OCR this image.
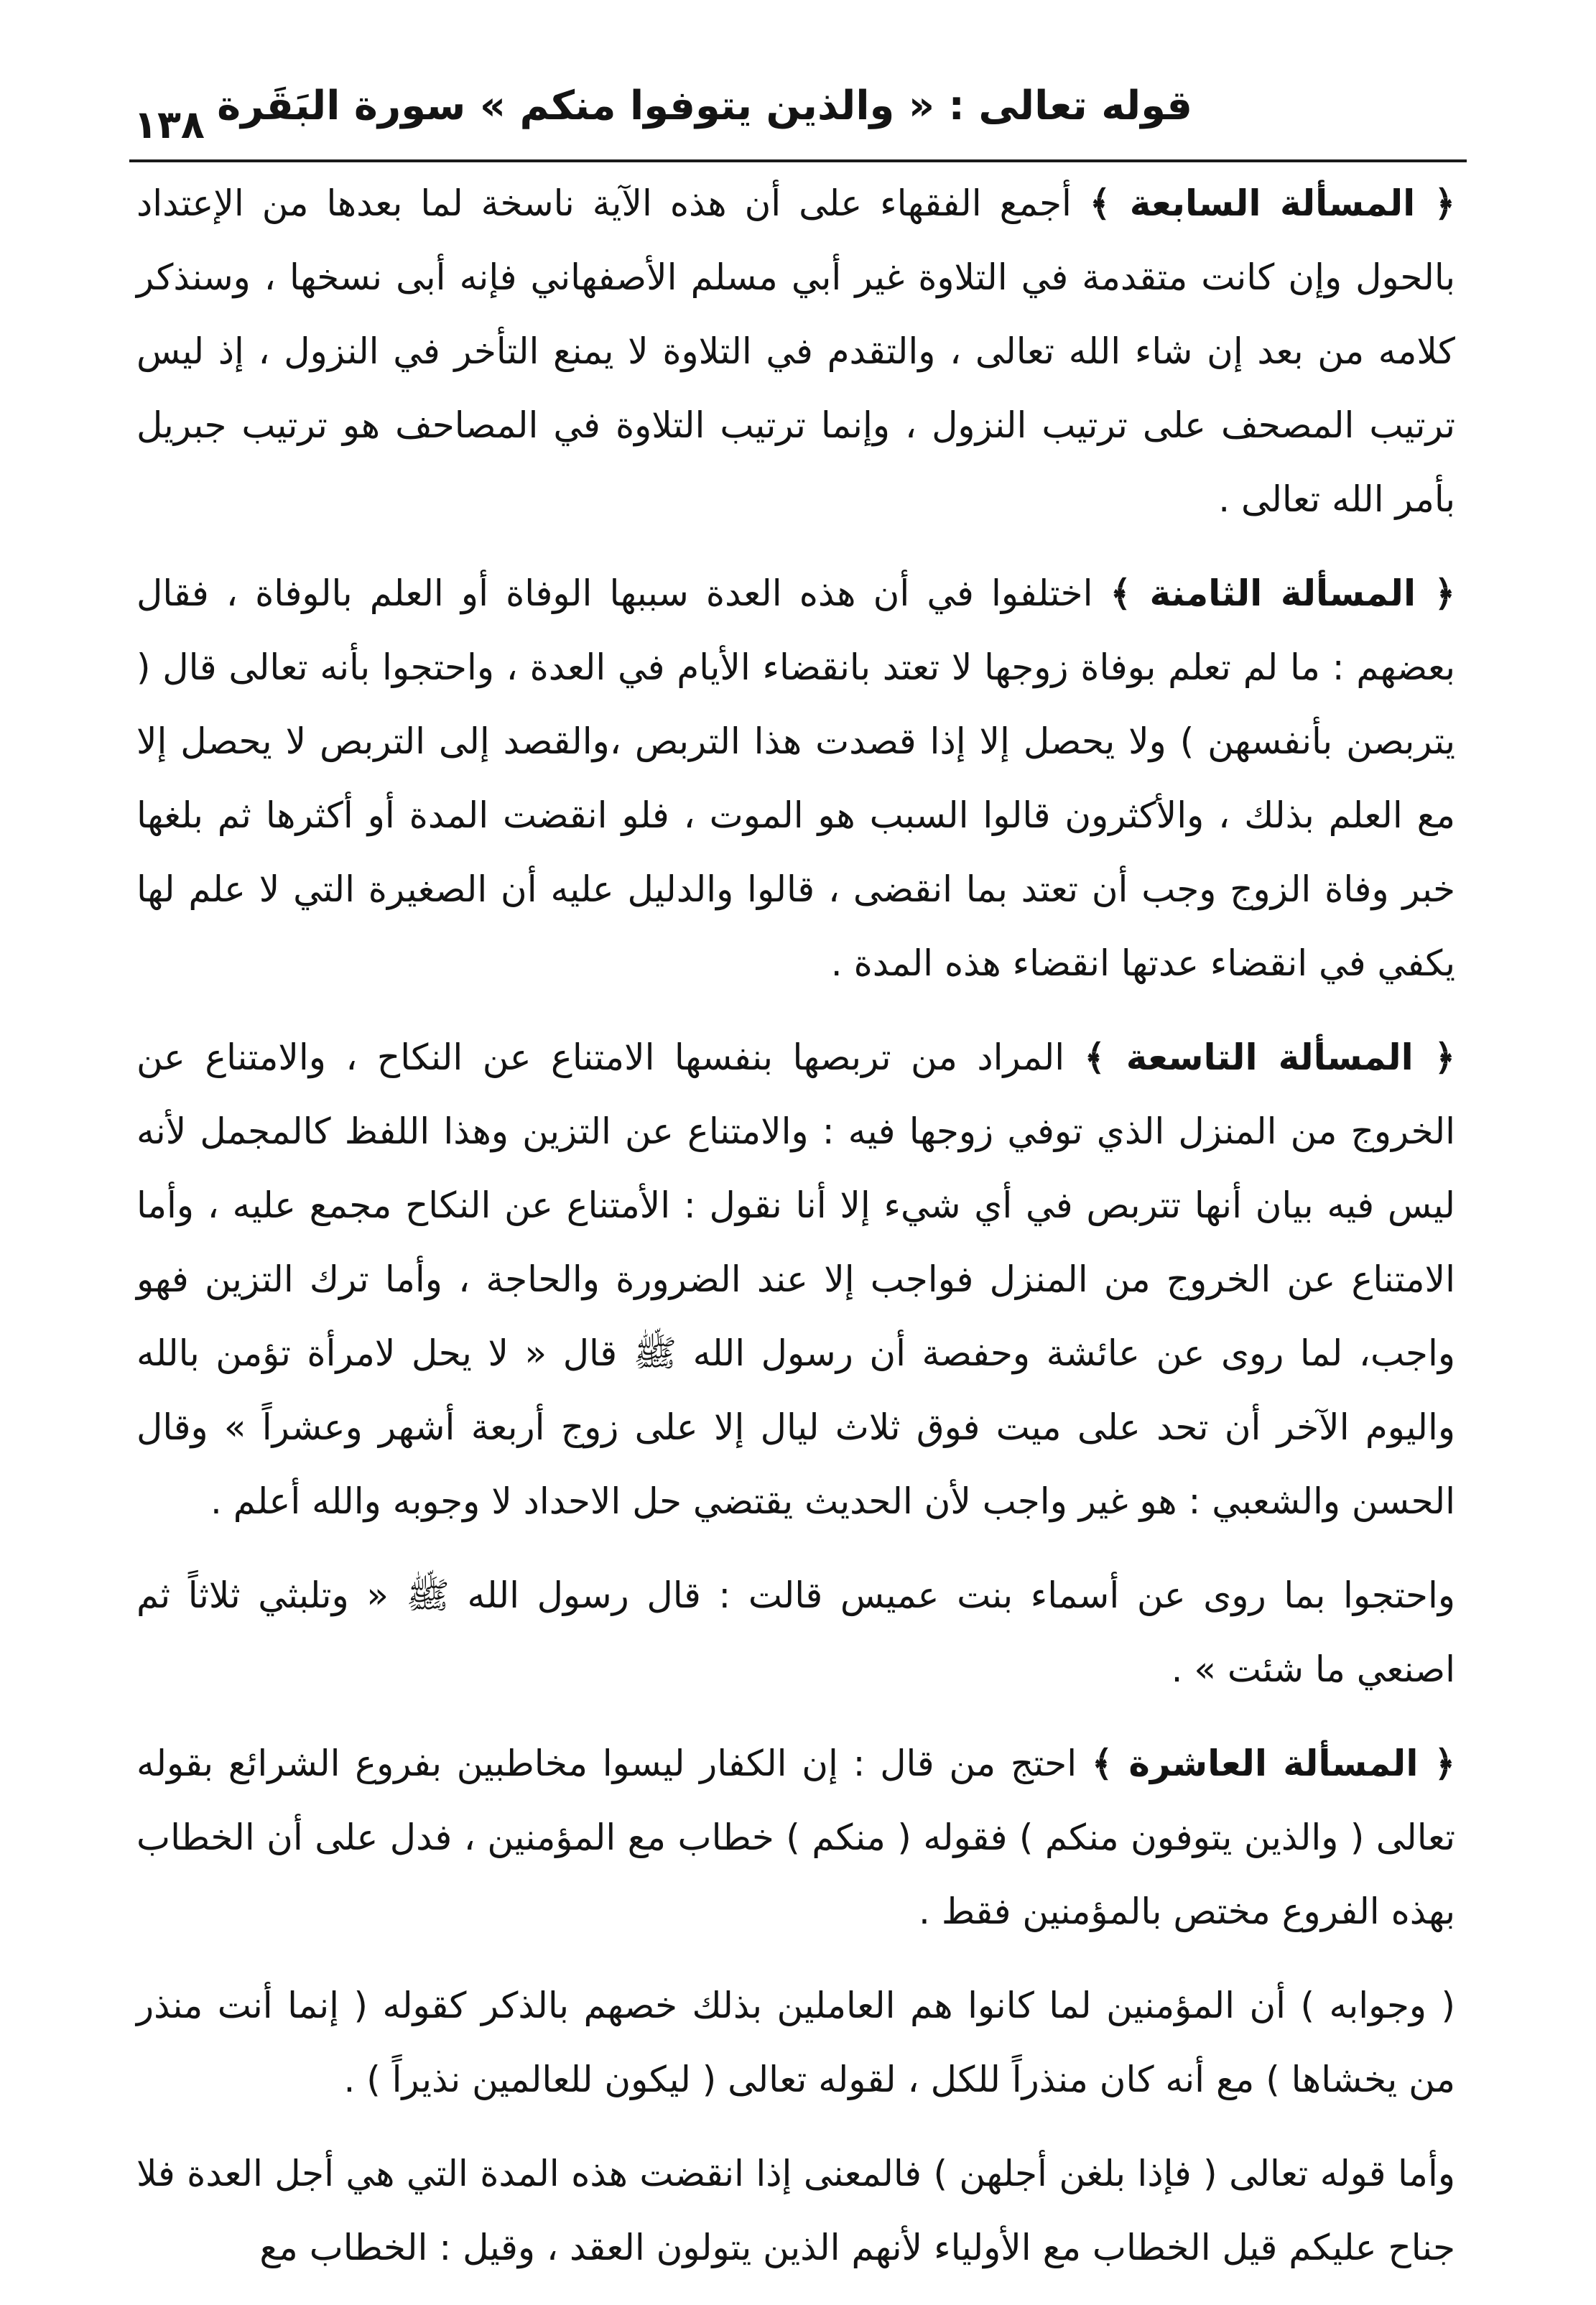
قوله تعالى : « والذين يتوفوا منكم » سورة البَقَرة
١٣٨

﴿ المسألة السابعة ﴾ أجمع الفقهاء على أن هذه الآية ناسخة لما بعدها من الإعتداد بالحول وإن كانت متقدمة في التلاوة غير أبي مسلم الأصفهاني فإنه أبى نسخها ، وسنذكر كلامه من بعد إن شاء الله تعالى ، والتقدم في التلاوة لا يمنع التأخر في النزول ، إذ ليس ترتيب المصحف على ترتيب النزول ، وإنما ترتيب التلاوة في المصاحف هو ترتيب جبريل بأمر الله تعالى .

﴿ المسألة الثامنة ﴾ اختلفوا في أن هذه العدة سببها الوفاة أو العلم بالوفاة ، فقال بعضهم : ما لم تعلم بوفاة زوجها لا تعتد بانقضاء الأيام في العدة ، واحتجوا بأنه تعالى قال ( يتربصن بأنفسهن ) ولا يحصل إلا إذا قصدت هذا التربص ،والقصد إلى التربص لا يحصل إلا مع العلم بذلك ، والأكثرون قالوا السبب هو الموت ، فلو انقضت المدة أو أكثرها ثم بلغها خبر وفاة الزوج وجب أن تعتد بما انقضى ، قالوا والدليل عليه أن الصغيرة التي لا علم لها يكفي في انقضاء عدتها انقضاء هذه المدة .

﴿ المسألة التاسعة ﴾ المراد من تربصها بنفسها الامتناع عن النكاح ، والامتناع عن الخروج من المنزل الذي توفي زوجها فيه : والامتناع عن التزين وهذا اللفظ كالمجمل لأنه ليس فيه بيان أنها تتربص في أي شيء إلا أنا نقول : الأمتناع عن النكاح مجمع عليه ، وأما الامتناع عن الخروج من المنزل فواجب إلا عند الضرورة والحاجة ، وأما ترك التزين فهو واجب، لما روى عن عائشة وحفصة أن رسول الله ﷺ قال « لا يحل لامرأة تؤمن بالله واليوم الآخر أن تحد على ميت فوق ثلاث ليال إلا على زوج أربعة أشهر وعشراً » وقال الحسن والشعبي : هو غير واجب لأن الحديث يقتضي حل الاحداد لا وجوبه والله أعلم .

واحتجوا بما روى عن أسماء بنت عميس قالت : قال رسول الله ﷺ « وتلبثي ثلاثاً ثم اصنعي ما شئت » .

﴿ المسألة العاشرة ﴾ احتج من قال : إن الكفار ليسوا مخاطبين بفروع الشرائع بقوله تعالى ( والذين يتوفون منكم ) فقوله ( منكم ) خطاب مع المؤمنين ، فدل على أن الخطاب بهذه الفروع مختص بالمؤمنين فقط .

( وجوابه ) أن المؤمنين لما كانوا هم العاملين بذلك خصهم بالذكر كقوله ( إنما أنت منذر من يخشاها ) مع أنه كان منذراً للكل ، لقوله تعالى ( ليكون للعالمين نذيراً ) .

وأما قوله تعالى ( فإذا بلغن أجلهن ) فالمعنى إذا انقضت هذه المدة التي هي أجل العدة فلا جناح عليكم قيل الخطاب مع الأولياء لأنهم الذين يتولون العقد ، وقيل : الخطاب مع
